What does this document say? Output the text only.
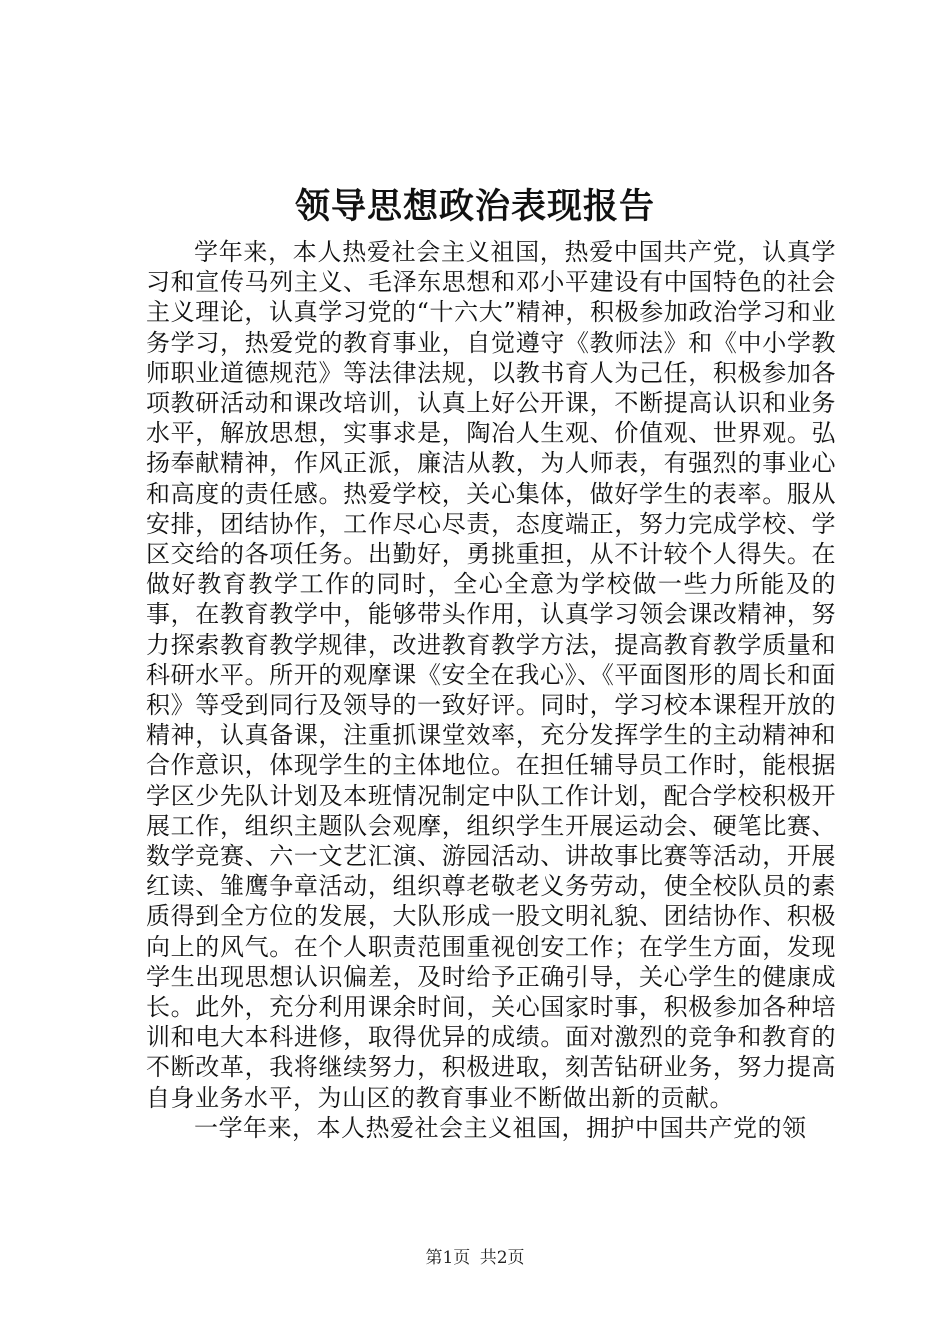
领导思想政治表现报告

学年来，本人热爱社会主义祖国，热爱中国共产党，认真学习和宣传马列主义、毛泽东思想和邓小平建设有中国特色的社会主义理论，认真学习党的“十六大”精神，积极参加政治学习和业务学习，热爱党的教育事业，自觉遵守《教师法》和《中小学教师职业道德规范》等法律法规，以教书育人为己任，积极参加各项教研活动和课改培训，认真上好公开课，不断提高认识和业务水平，解放思想，实事求是，陶冶人生观、价值观、世界观。弘扬奉献精神，作风正派，廉洁从教，为人师表，有强烈的事业心和高度的责任感。热爱学校，关心集体，做好学生的表率。服从安排，团结协作，工作尽心尽责，态度端正，努力完成学校、学区交给的各项任务。出勤好，勇挑重担，从不计较个人得失。在做好教育教学工作的同时，全心全意为学校做一些力所能及的事，在教育教学中，能够带头作用，认真学习领会课改精神，努力探索教育教学规律，改进教育教学方法，提高教育教学质量和科研水平。所开的观摩课《安全在我心》、《平面图形的周长和面积》等受到同行及领导的一致好评。同时，学习校本课程开放的精神，认真备课，注重抓课堂效率，充分发挥学生的主动精神和合作意识，体现学生的主体地位。在担任辅导员工作时，能根据学区少先队计划及本班情况制定中队工作计划，配合学校积极开展工作，组织主题队会观摩，组织学生开展运动会、硬笔比赛、数学竞赛、六一文艺汇演、游园活动、讲故事比赛等活动，开展红读、雏鹰争章活动，组织尊老敬老义务劳动，使全校队员的素质得到全方位的发展，大队形成一股文明礼貌、团结协作、积极向上的风气。在个人职责范围重视创安工作；在学生方面，发现学生出现思想认识偏差，及时给予正确引导，关心学生的健康成长。此外，充分利用课余时间，关心国家时事，积极参加各种培训和电大本科进修，取得优异的成绩。面对激烈的竞争和教育的不断改革，我将继续努力，积极进取，刻苦钻研业务，努力提高自身业务水平，为山区的教育事业不断做出新的贡献。

一学年来，本人热爱社会主义祖国，拥护中国共产党的领

第1页 共2页
